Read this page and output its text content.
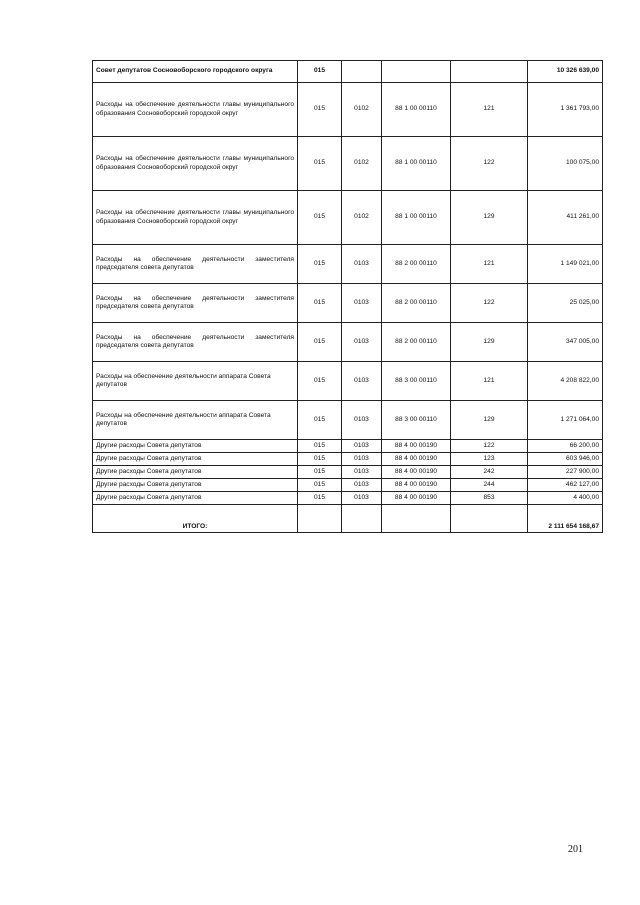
Совет депутатов Сосновоборского городского округа	015				10 326 639,00
Расходы на обеспечение деятельности главы муниципального образования Сосновоборский городской округ	015	0102	88 1 00 00110	121	1 361 793,00
Расходы на обеспечение деятельности главы муниципального образования Сосновоборский городской округ	015	0102	88 1 00 00110	122	100 075,00
Расходы на обеспечение деятельности главы муниципального образования Сосновоборский городской округ	015	0102	88 1 00 00110	129	411 261,00
Расходы на обеспечение деятельности заместителя председателя совета депутатов	015	0103	88 2 00 00110	121	1 149 021,00
Расходы на обеспечение деятельности заместителя председателя совета депутатов	015	0103	88 2 00 00110	122	25 025,00
Расходы на обеспечение деятельности заместителя председателя совета депутатов	015	0103	88 2 00 00110	129	347 005,00
Расходы на обеспечение деятельности аппарата Совета депутатов	015	0103	88 3 00 00110	121	4 208 822,00
Расходы на обеспечение деятельности аппарата Совета депутатов	015	0103	88 3 00 00110	129	1 271 064,00
Другие расходы Совета депутатов	015	0103	88 4 00 00190	122	66 200,00
Другие расходы Совета депутатов	015	0103	88 4 00 00190	123	603 946,00
Другие расходы Совета депутатов	015	0103	88 4 00 00190	242	227 900,00
Другие расходы Совета депутатов	015	0103	88 4 00 00190	244	462 127,00
Другие расходы Совета депутатов	015	0103	88 4 00 00190	853	4 400,00
ИТОГО:					2 111 654 168,67
201
